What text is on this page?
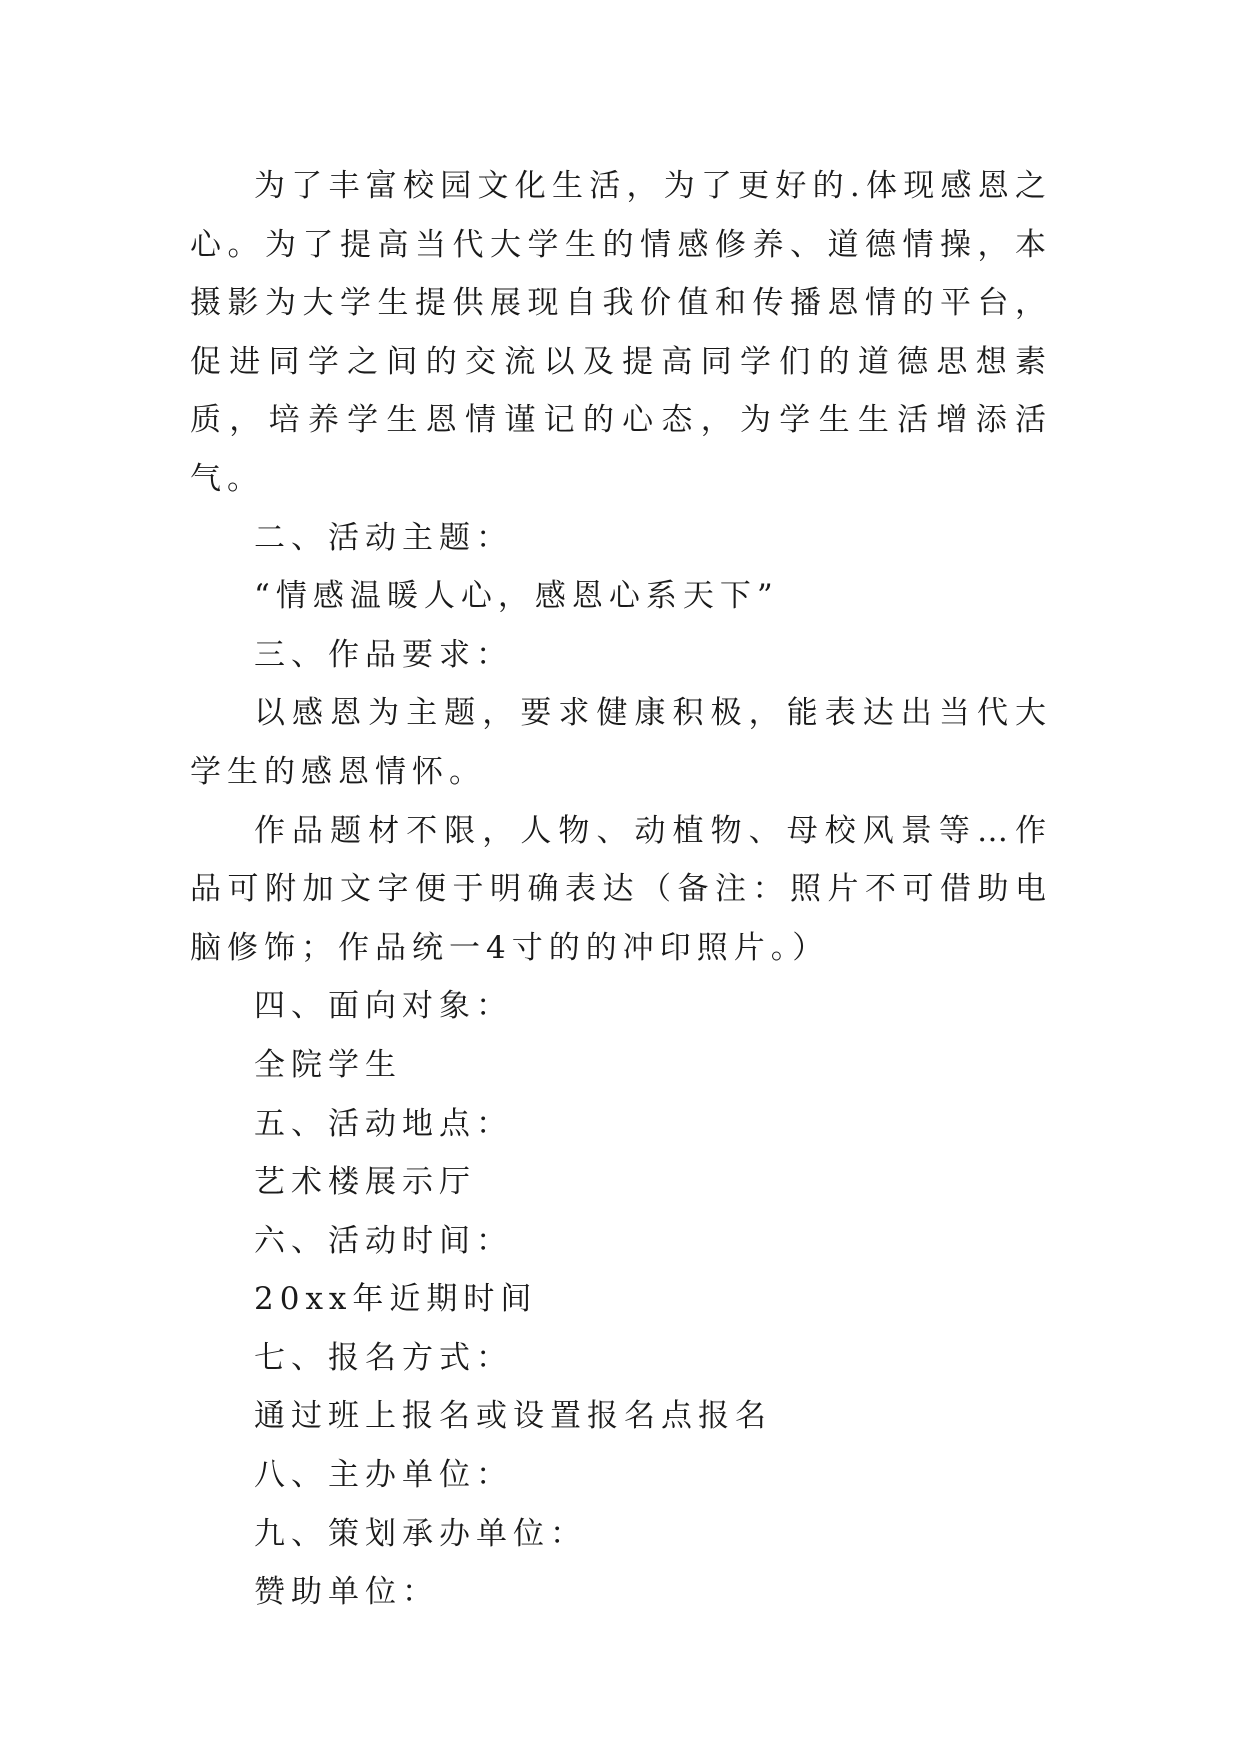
为了丰富校园文化生活，为了更好的.体现感恩之心。为了提高当代大学生的情感修养、道德情操，本摄影为大学生提供展现自我价值和传播恩情的平台，促进同学之间的交流以及提高同学们的道德思想素质，培养学生恩情谨记的心态，为学生生活增添活气。

二、活动主题：

“情感温暖人心，感恩心系天下”

三、作品要求：

以感恩为主题，要求健康积极，能表达出当代大学生的感恩情怀。

作品题材不限，人物、动植物、母校风景等…作品可附加文字便于明确表达（备注：照片不可借助电脑修饰；作品统一4寸的的冲印照片。）

四、面向对象：

全院学生

五、活动地点：

艺术楼展示厅

六、活动时间：

20xx年近期时间

七、报名方式：

通过班上报名或设置报名点报名

八、主办单位：

九、策划承办单位：

赞助单位：
